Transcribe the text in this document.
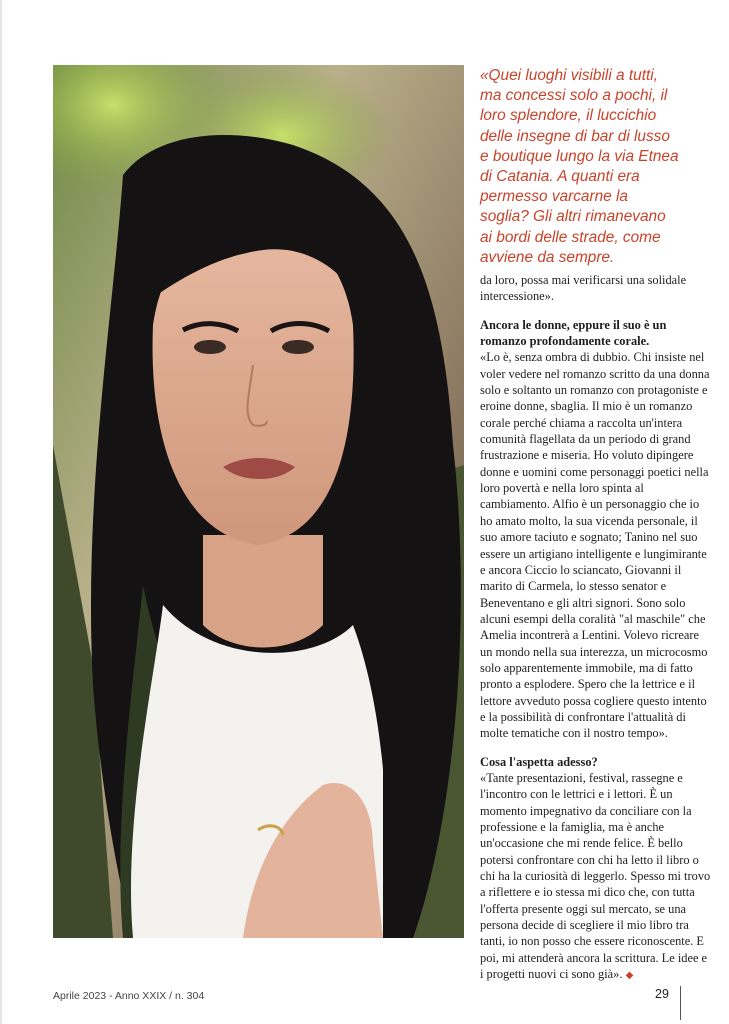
«Quei luoghi visibili a tutti, ma concessi solo a pochi, il loro splendore, il luccichio delle insegne di bar di lusso e boutique lungo la via Etnea di Catania. A quanti era permesso varcarne la soglia? Gli altri rimanevano ai bordi delle strade, come avviene da sempre.

da loro, possa mai verificarsi una solidale intercessione».

Ancora le donne, eppure il suo è un romanzo profondamente corale.

«Lo è, senza ombra di dubbio. Chi insiste nel voler vedere nel romanzo scritto da una donna solo e soltanto un romanzo con protagoniste e eroine donne, sbaglia. Il mio è un romanzo corale perché chiama a raccolta un'intera comunità flagellata da un periodo di grand frustrazione e miseria. Ho voluto dipingere donne e uomini come personaggi poetici nella loro povertà e nella loro spinta al cambiamento. Alfio è un personaggio che io ho amato molto, la sua vicenda personale, il suo amore taciuto e sognato; Tanino nel suo essere un artigiano intelligente e lungimirante e ancora Ciccio lo sciancato, Giovanni il marito di Carmela, lo stesso senator e Beneventano e gli altri signori. Sono solo alcuni esempi della coralità "al maschile" che Amelia incontrerà a Lentini. Volevo ricreare un mondo nella sua interezza, un microcosmo solo apparentemente immobile, ma di fatto pronto a esplodere. Spero che la lettrice e il lettore avveduto possa cogliere questo intento e la possibilità di confrontare l'attualità di molte tematiche con il nostro tempo».

Cosa l'aspetta adesso?

«Tante presentazioni, festival, rassegne e l'incontro con le lettrici e i lettori. È un momento impegnativo da conciliare con la professione e la famiglia, ma è anche un'occasione che mi rende felice. È bello potersi confrontare con chi ha letto il libro o chi ha la curiosità di leggerlo. Spesso mi trovo a riflettere e io stessa mi dico che, con tutta l'offerta presente oggi sul mercato, se una persona decide di scegliere il mio libro tra tanti, io non posso che essere riconoscente. E poi, mi attenderà ancora la scrittura. Le idee e i progetti nuovi ci sono già». ◆

Aprile 2023 - Anno XXIX / n. 304	29
